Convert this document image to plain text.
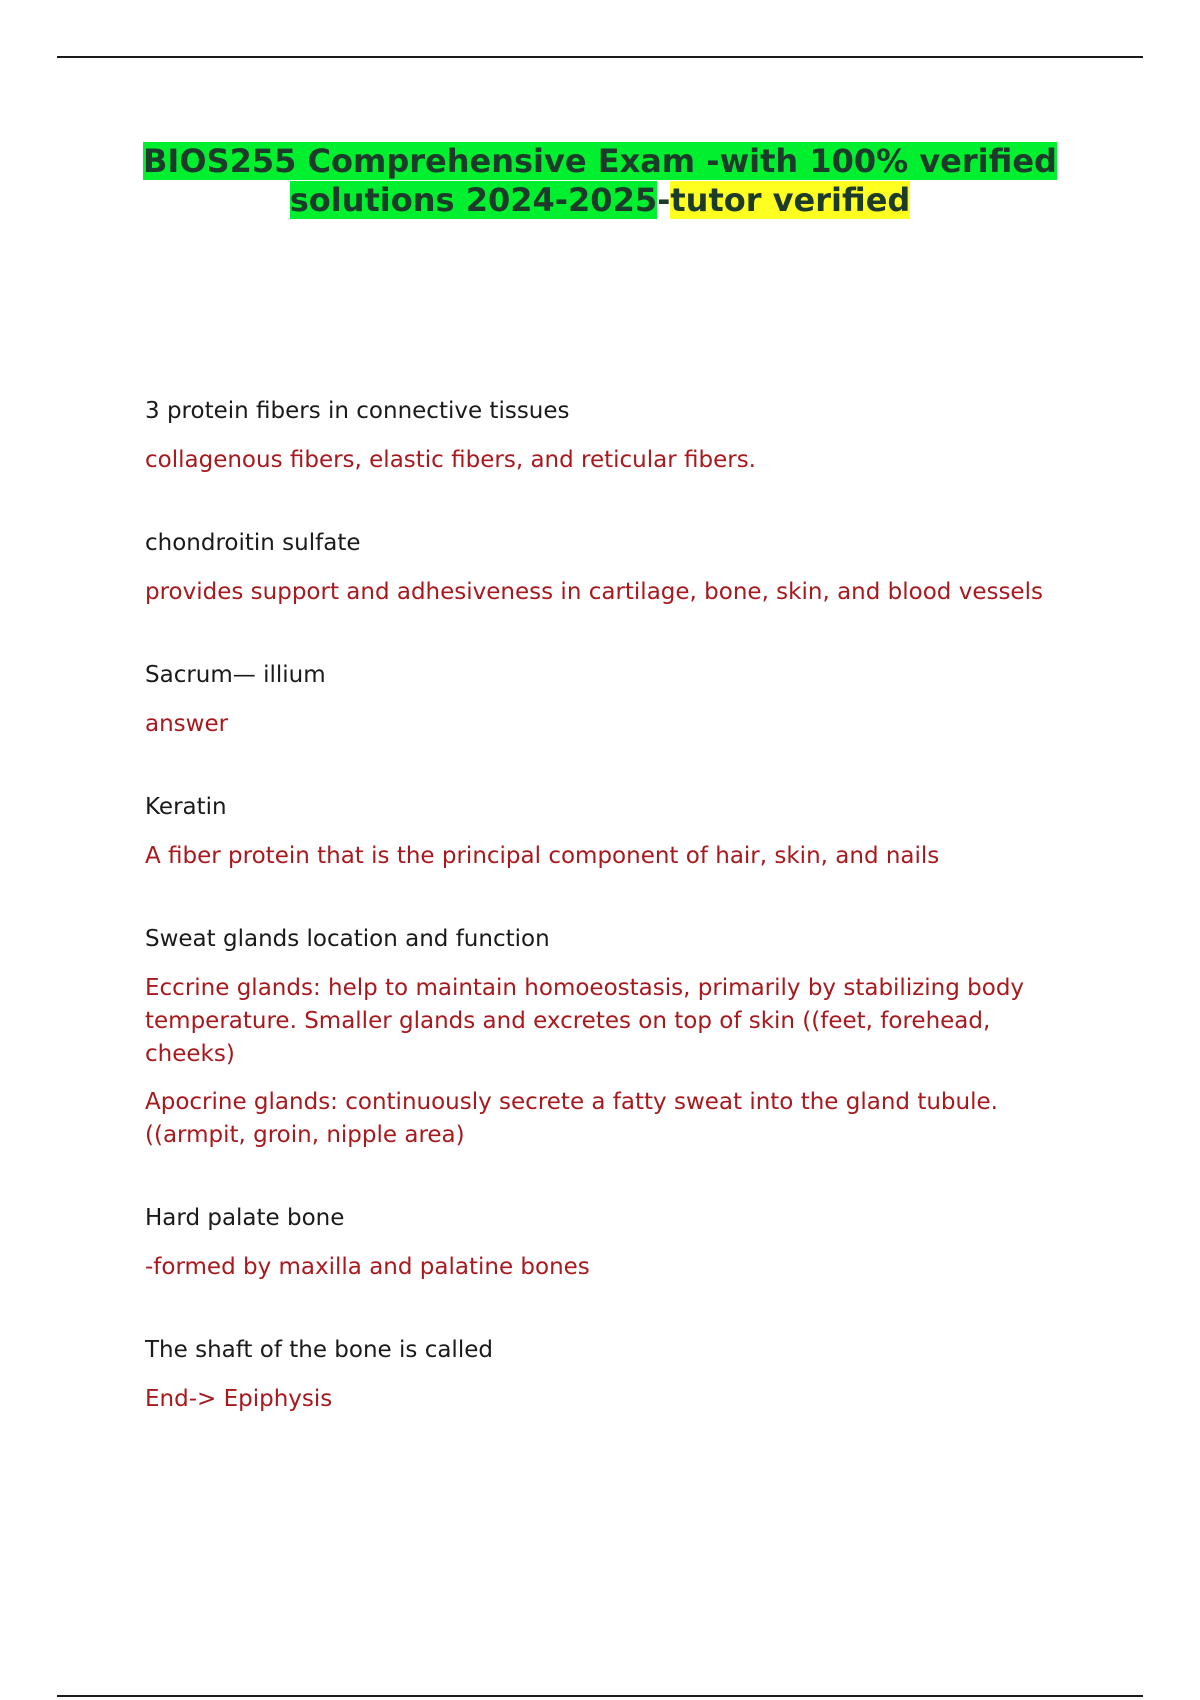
BIOS255 Comprehensive Exam -with 100% verified solutions 2024-2025-tutor verified

3 protein fibers in connective tissues

collagenous fibers, elastic fibers, and reticular fibers.

chondroitin sulfate

provides support and adhesiveness in cartilage, bone, skin, and blood vessels

Sacrum— illium

answer

Keratin

A fiber protein that is the principal component of hair, skin, and nails

Sweat glands location and function

Eccrine glands: help to maintain homoeostasis, primarily by stabilizing body temperature. Smaller glands and excretes on top of skin ((feet, forehead, cheeks)

Apocrine glands: continuously secrete a fatty sweat into the gland tubule. ((armpit, groin, nipple area)

Hard palate bone

-formed by maxilla and palatine bones

The shaft of the bone is called

End-> Epiphysis
